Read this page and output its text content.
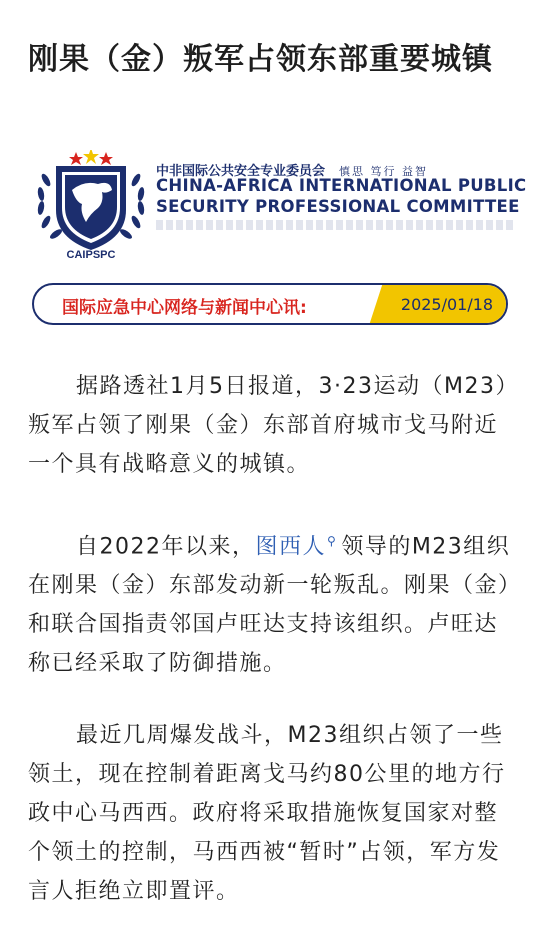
刚果（金）叛军占领东部重要城镇
CAIPSPC
中非国际公共安全专业委员会 慎思 笃行 益智
CHINA-AFRICA INTERNATIONAL PUBLIC
SECURITY PROFESSIONAL COMMITTEE
国际应急中心网络与新闻中心讯:	2025/01/18
据路透社1月5日报道，3·23运动（M23）叛军占领了刚果（金）东部首府城市戈马附近一个具有战略意义的城镇。
自2022年以来，图西人⚲ 领导的M23组织在刚果（金）东部发动新一轮叛乱。刚果（金）和联合国指责邻国卢旺达支持该组织。卢旺达称已经采取了防御措施。
最近几周爆发战斗，M23组织占领了一些领土，现在控制着距离戈马约80公里的地方行政中心马西西。政府将采取措施恢复国家对整个领土的控制，马西西被“暂时”占领，军方发言人拒绝立即置评。
